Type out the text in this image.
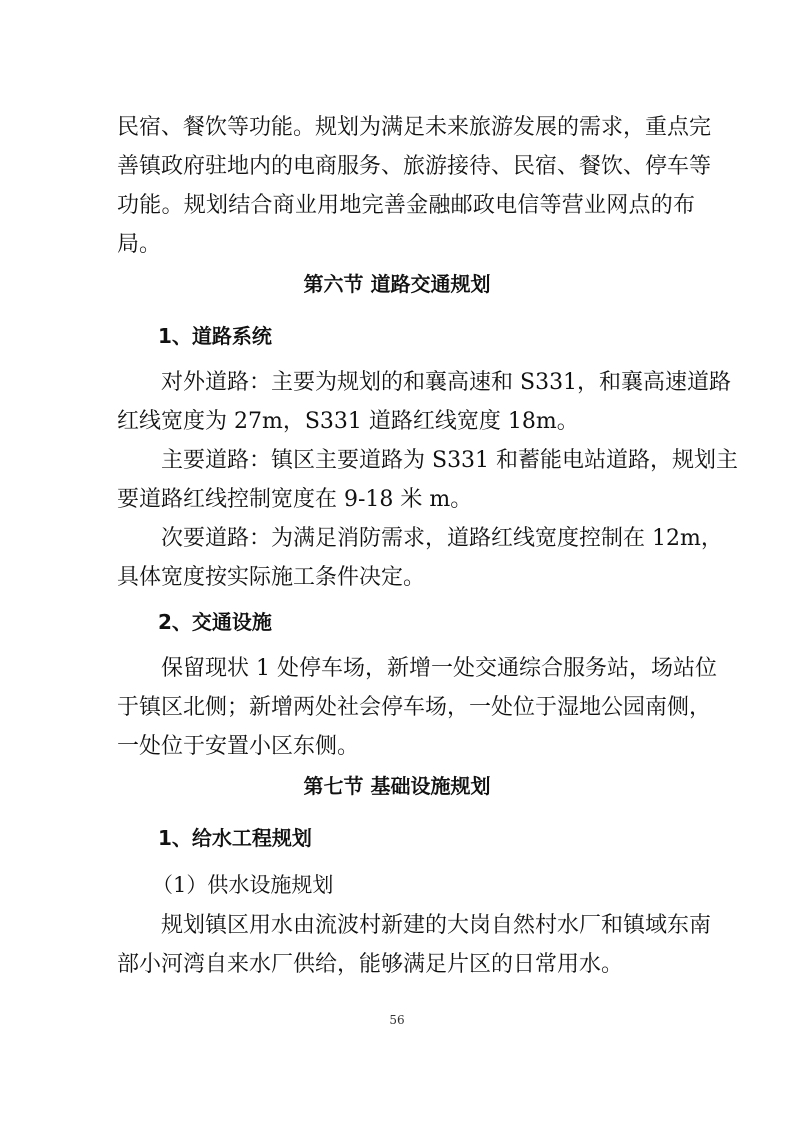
民宿、餐饮等功能。规划为满足未来旅游发展的需求，重点完
善镇政府驻地内的电商服务、旅游接待、民宿、餐饮、停车等
功能。规划结合商业用地完善金融邮政电信等营业网点的布
局。
第六节 道路交通规划
1、道路系统
对外道路：主要为规划的和襄高速和 S331，和襄高速道路
红线宽度为 27m，S331 道路红线宽度 18m。
主要道路：镇区主要道路为 S331 和蓄能电站道路，规划主
要道路红线控制宽度在 9-18 米 m。
次要道路：为满足消防需求，道路红线宽度控制在 12m，
具体宽度按实际施工条件决定。
2、交通设施
保留现状 1 处停车场，新增一处交通综合服务站，场站位
于镇区北侧；新增两处社会停车场，一处位于湿地公园南侧，
一处位于安置小区东侧。
第七节 基础设施规划
1、给水工程规划
（1）供水设施规划
规划镇区用水由流波村新建的大岗自然村水厂和镇域东南
部小河湾自来水厂供给，能够满足片区的日常用水。
56
